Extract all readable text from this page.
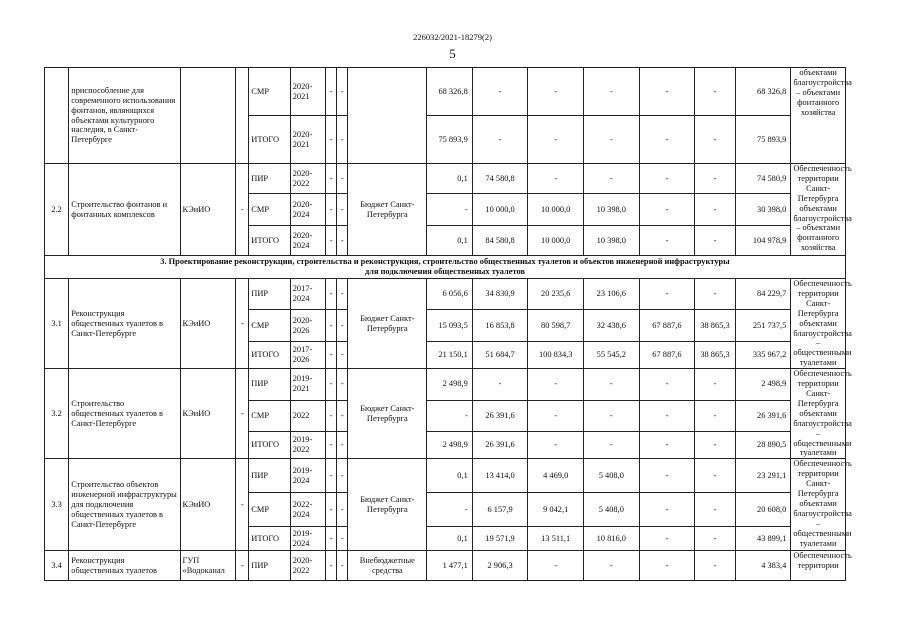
226032/2021-18279(2)
5
	приспособление для современного использования фонтанов, являющихся объектами культурного наследия, в Санкт-Петербурге			СМР	2020-2021	-	-		68 326,8	-	-	-	-	-	68 326,8	объектами благоустройства – объектами фонтанного хозяйства
				ИТОГО	2020-2021	-	-		75 893,9	-	-	-	-	-	75 893,9	
2.2	Строительство фонтанов и фонтанных комплексов	КЭиИО	-	ПИР	2020-2022	-	-	Бюджет Санкт-Петербурга	0,1	74 580,8	-	-	-	-	74 580,9	Обеспеченность территории Санкт-Петербурга объектами благоустройства – объектами фонтанного хозяйства
				СМР	2020-2024	-	-		-	10 000,0	10 000,0	10 398,0	-	-	30 398,0	
				ИТОГО	2020-2024	-	-		0,1	84 580,8	10 000,0	10 398,0	-	-	104 978,9	

3. Проектирование реконструкции, строительства и реконструкция, строительство общественных туалетов и объектов инженерной инфраструктуры
для подключения общественных туалетов																

3.1	Реконструкция общественных туалетов в Санкт-Петербурге	КЭиИО	-	ПИР	2017-2024	-	-	Бюджет Санкт-Петербурга	6 056,6	34 830,9	20 235,6	23 106,6	-	-	84 229,7	Обеспеченность территории Санкт-Петербурга объектами благоустройства – общественными туалетами
				СМР	2020-2026	-	-		15 093,5	16 853,8	80 598,7	32 438,6	67 887,6	38 865,3	251 737,5	
				ИТОГО	2017-2026	-	-		21 150,1	51 684,7	100 834,3	55 545,2	67 887,6	38 865,3	335 967,2	
3.2	Строительство общественных туалетов в Санкт-Петербурге	КЭиИО	-	ПИР	2019-2021	-	-	Бюджет Санкт-Петербурга	2 498,9	-	-	-	-	-	2 498,9	Обеспеченность территории Санкт-Петербурга объектами благоустройства –общественными туалетами
				СМР	2022	-	-		-	26 391,6	-	-	-	-	26 391,6	
				ИТОГО	2019-2022	-	-		2 498,9	26 391,6	-	-	-	-	28 890,5	
3.3	Строительство объектов инженерной инфраструктуры для подключения общественных туалетов в Санкт-Петербурге	КЭиИО	-	ПИР	2019-2024	-	-	Бюджет Санкт-Петербурга	0,1	13 414,0	4 469,0	5 408,0	-	-	23 291,1	Обеспеченность территории Санкт-Петербурга объектами благоустройства –общественными туалетами
				СМР	2022-2024	-	-		-	6 157,9	9 042,1	5 408,0	-	-	20 608,0	
				ИТОГО	2019-2024	-	-		0,1	19 571,9	13 511,1	10 816,0	-	-	43 899,1	
3.4	Реконструкция общественных туалетов	ГУП «Водоканал	-	ПИР	2020-2022	-	-	Внебюджетные средства	1 477,1	2 906,3	-	-	-	-	4 383,4	Обеспеченность территории
